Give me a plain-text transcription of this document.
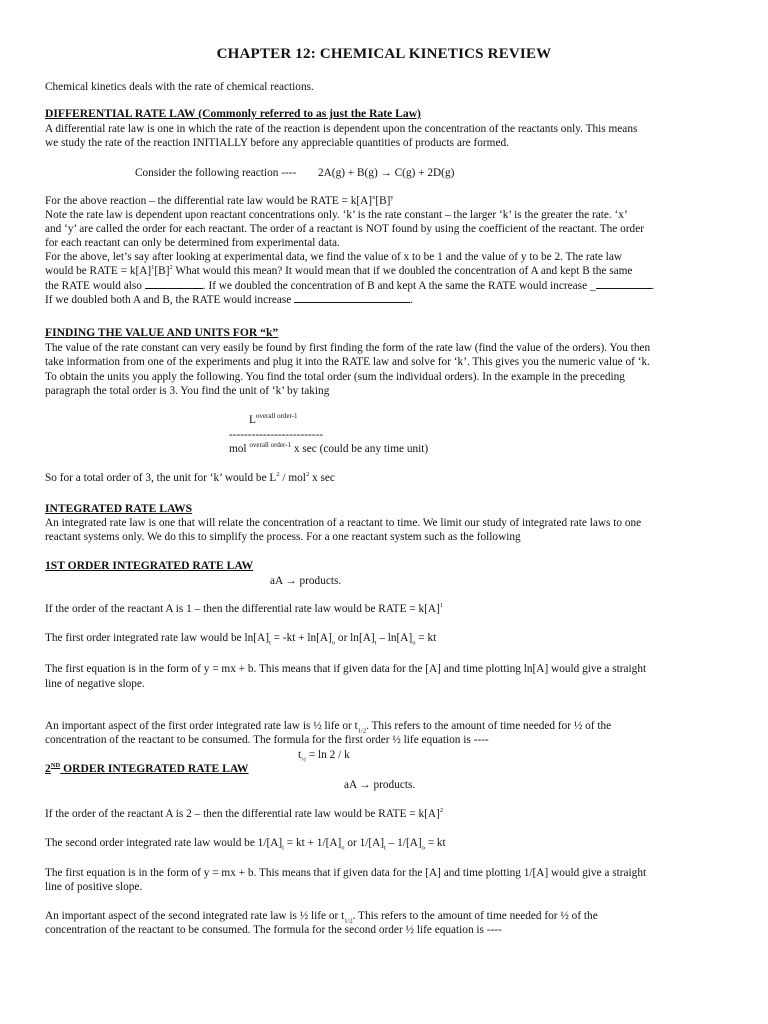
CHAPTER 12: CHEMICAL KINETICS REVIEW
Chemical kinetics deals with the rate of chemical reactions.
DIFFERENTIAL RATE LAW (Commonly referred to as just the Rate Law)
A differential rate law is one in which the rate of the reaction is dependent upon the concentration of the reactants only. This means
we study the rate of the reaction INITIALLY before any appreciable quantities of products are formed.
Consider the following reaction ---- 2A(g) + B(g) → C(g) + 2D(g)
For the above reaction – the differential rate law would be RATE = $k[A]^x[B]^y$
Note the rate law is dependent upon reactant concentrations only. ‘k’ is the rate constant – the larger ‘k’ is the greater the rate. ‘x’
and ‘y’ are called the order for each reactant. The order of a reactant is NOT found by using the coefficient of the reactant. The order
for each reactant can only be determined from experimental data.
For the above, let’s say after looking at experimental data, we find the value of x to be 1 and the value of y to be 2. The rate law
would be RATE = $k[A]^1[B]^2$ What would this mean? It would mean that if we doubled the concentration of A and kept B the same
the RATE would also	. If we doubled the concentration of B and kept A the same the RATE would increase _	.
If we doubled both A and B, the RATE would increase	.
FINDING THE VALUE AND UNITS FOR “k”
The value of the rate constant can very easily be found by first finding the form of the rate law (find the value of the orders). You then
take information from one of the experiments and plug it into the RATE law and solve for ‘k’. This gives you the numeric value of ‘k.
To obtain the units you apply the following. You find the total order (sum the individual orders). In the example in the preceding
paragraph the total order is 3. You find the unit of ‘k’ by taking
$L^{overall order-1}$
-------------------------
mol $^{overall order-1}$ x sec (could be any time unit)
So for a total order of 3, the unit for ‘k’ would be $L^2 / mol^2$ x sec
INTEGRATED RATE LAWS
An integrated rate law is one that will relate the concentration of a reactant to time. We limit our study of integrated rate laws to one
reactant systems only. We do this to simplify the process. For a one reactant system such as the following
1ST ORDER INTEGRATED RATE LAW
aA → products.
If the order of the reactant A is 1 – then the differential rate law would be RATE = $k[A]^1$
The first order integrated rate law would be $\ln[A]_t = -kt + \ln[A]_o$ or $\ln[A]_t - \ln[A]_o$ = kt
The first equation is in the form of y = mx + b. This means that if given data for the [A] and time plotting ln[A] would give a straight
line of negative slope.
An important aspect of the first order integrated rate law is ½ life or $t_{1/2}$. This refers to the amount of time needed for ½ of the
concentration of the reactant to be consumed. The formula for the first order ½ life equation is ----
$t_{\frac{1}{2}} = \ln 2 / k$
2ND ORDER INTEGRATED RATE LAW
aA → products.
If the order of the reactant A is 2 – then the differential rate law would be RATE = $k[A]^2$
The second order integrated rate law would be $1/[A]_t$ = kt + $1/[A]_o$ or $1/[A]_t - 1/[A]_o$ = kt
The first equation is in the form of y = mx + b. This means that if given data for the [A] and time plotting 1/[A] would give a straight
line of positive slope.
An important aspect of the second integrated rate law is ½ life or $t_{1/2}$. This refers to the amount of time needed for ½ of the
concentration of the reactant to be consumed. The formula for the second order ½ life equation is ----
